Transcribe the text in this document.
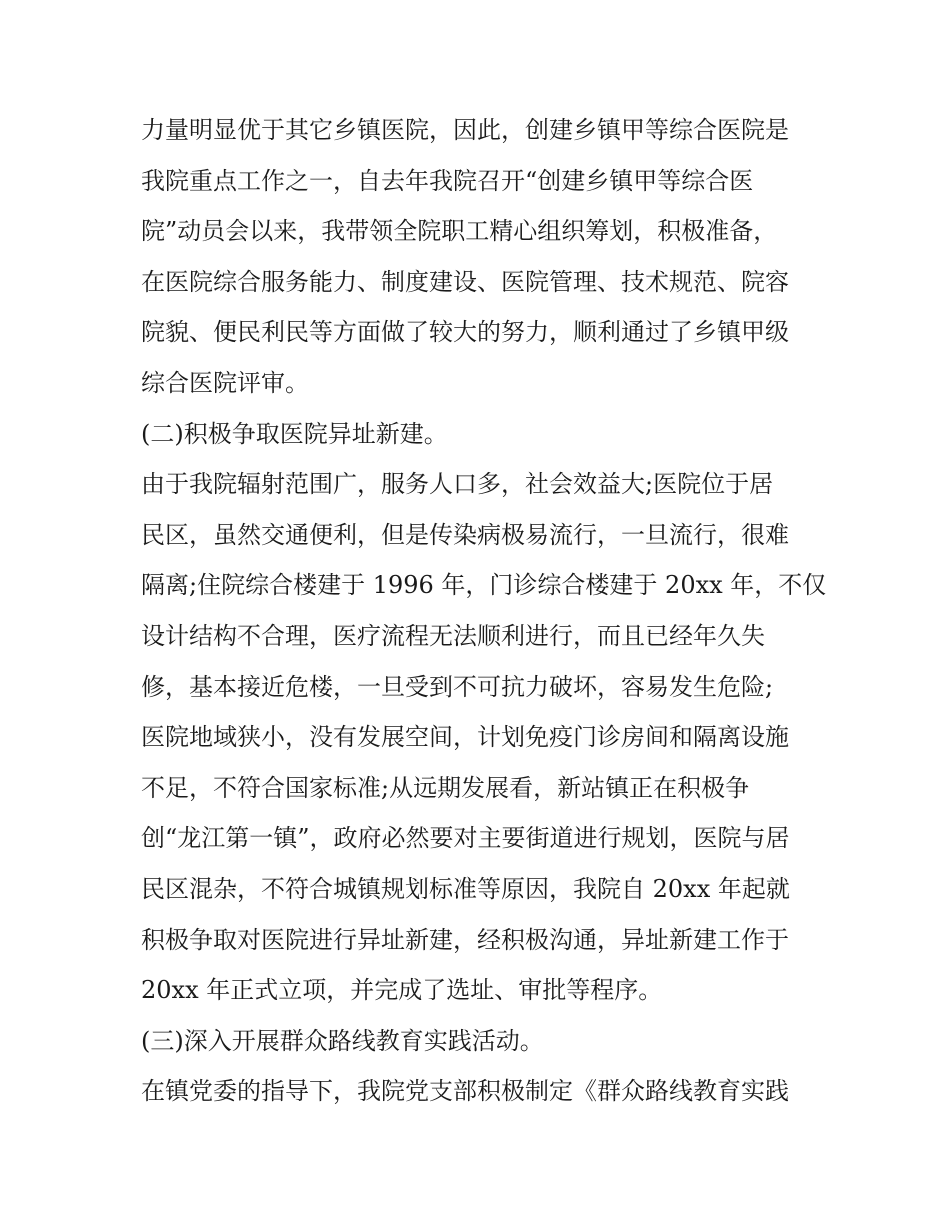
力量明显优于其它乡镇医院，因此，创建乡镇甲等综合医院是
我院重点工作之一，自去年我院召开“创建乡镇甲等综合医
院”动员会以来，我带领全院职工精心组织筹划，积极准备，
在医院综合服务能力、制度建设、医院管理、技术规范、院容
院貌、便民利民等方面做了较大的努力，顺利通过了乡镇甲级
综合医院评审。
(二)积极争取医院异址新建。
由于我院辐射范围广，服务人口多，社会效益大;医院位于居
民区，虽然交通便利，但是传染病极易流行，一旦流行，很难
隔离;住院综合楼建于 1996 年，门诊综合楼建于 20xx 年，不仅
设计结构不合理，医疗流程无法顺利进行，而且已经年久失
修，基本接近危楼，一旦受到不可抗力破坏，容易发生危险;
医院地域狭小，没有发展空间，计划免疫门诊房间和隔离设施
不足，不符合国家标准;从远期发展看，新站镇正在积极争
创“龙江第一镇”，政府必然要对主要街道进行规划，医院与居
民区混杂，不符合城镇规划标准等原因，我院自 20xx 年起就
积极争取对医院进行异址新建，经积极沟通，异址新建工作于
20xx 年正式立项，并完成了选址、审批等程序。
(三)深入开展群众路线教育实践活动。
在镇党委的指导下，我院党支部积极制定《群众路线教育实践
